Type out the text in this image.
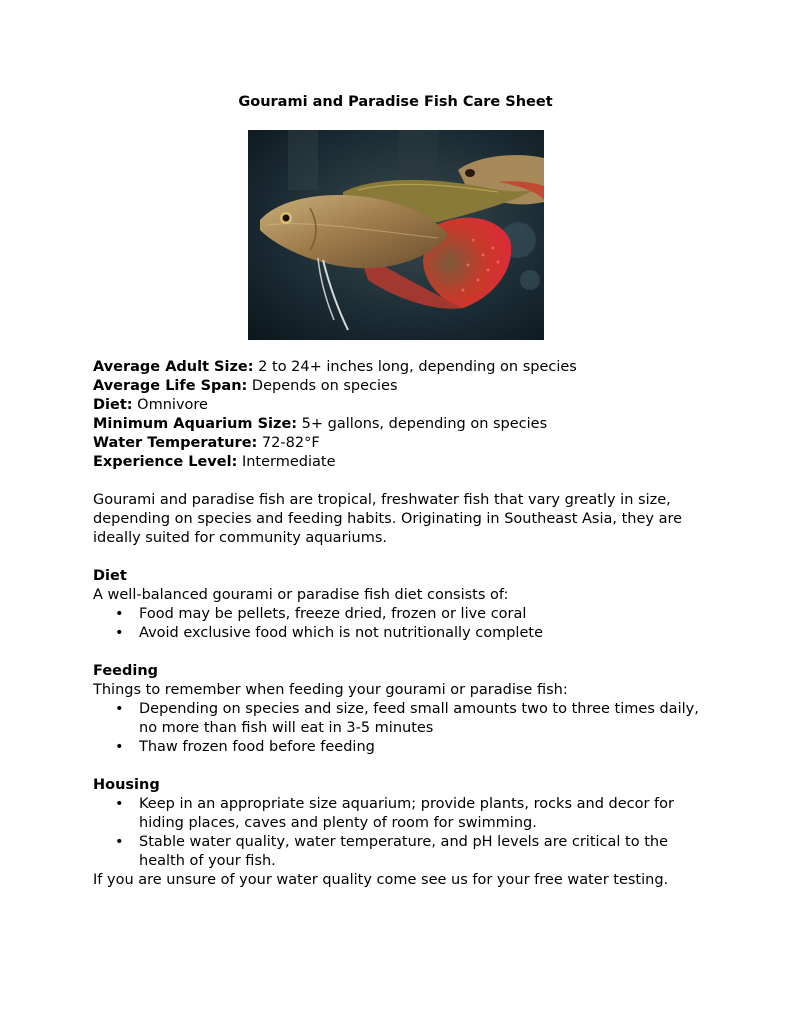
Gourami and Paradise Fish Care Sheet

Average Adult Size: 2 to 24+ inches long, depending on species

Average Life Span: Depends on species

Diet: Omnivore

Minimum Aquarium Size: 5+ gallons, depending on species

Water Temperature: 72-82°F

Experience Level: Intermediate

Gourami and paradise fish are tropical, freshwater fish that vary greatly in size, depending on species and feeding habits. Originating in Southeast Asia, they are ideally suited for community aquariums.

Diet

A well-balanced gourami or paradise fish diet consists of:

• Food may be pellets, freeze dried, frozen or live coral
• Avoid exclusive food which is not nutritionally complete
Feeding

Things to remember when feeding your gourami or paradise fish:

• Depending on species and size, feed small amounts two to three times daily, no more than fish will eat in 3-5 minutes
• Thaw frozen food before feeding
Housing
• Keep in an appropriate size aquarium; provide plants, rocks and decor for hiding places, caves and plenty of room for swimming.
• Stable water quality, water temperature, and pH levels are critical to the health of your fish.

If you are unsure of your water quality come see us for your free water testing.
